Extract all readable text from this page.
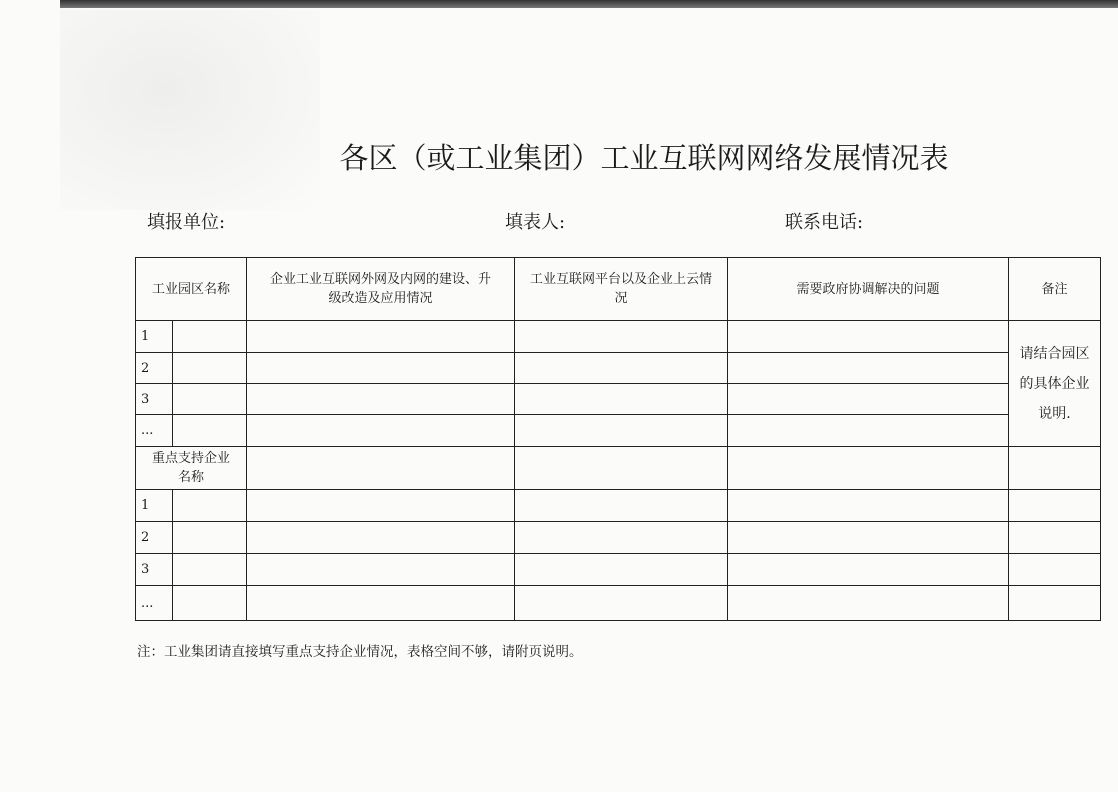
各区（或工业集团）工业互联网网络发展情况表
填报单位:	填表人:	联系电话:
工业园区名称		企业工业互联网外网及内网的建设、升级改造及应用情况	工业互联网平台以及企业上云情况	需要政府协调解决的问题	备注
1					请结合园区的具体企业说明.
2					
3					
...					
重点支持企业名称					
1					
2					
3					
...					
注：工业集团请直接填写重点支持企业情况，表格空间不够，请附页说明。
